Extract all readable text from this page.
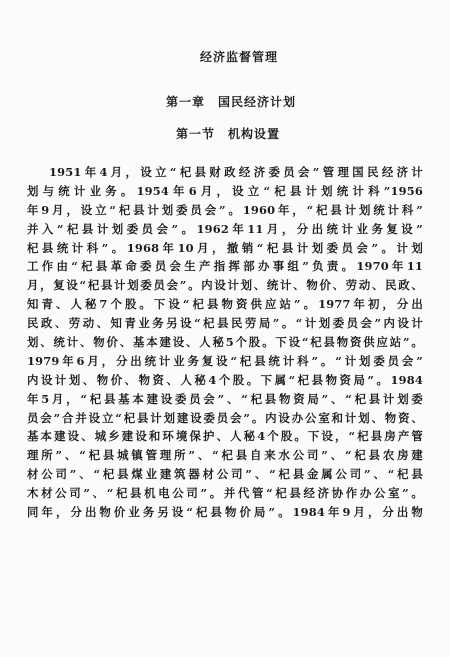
经济监督管理
第一章　国民经济计划
第一节　机构设置
1951年4月，设立“杞县财政经济委员会”管理国民经济计
划与统计业务。1954年6月，设立“杞县计划统计科”1956
年9月，设立“杞县计划委员会”。1960年，“杞县计划统计科”
并入“杞县计划委员会”。1962年11月，分出统计业务复设”
杞县统计科”。1968年10月，撤销“杞县计划委员会”。计划
工作由“杞县革命委员会生产指挥部办事组”负责。1970年11
月，复设“杞县计划委员会”。内设计划、统计、物价、劳动、民政、
知青、人秘7个股。下设“杞县物资供应站”。1977年初，分出
民政、劳动、知青业务另设“杞县民劳局”。“计划委员会”内设计
划、统计、物价、基本建设、人秘5个股。下设“杞县物资供应站”。
1979年6月，分出统计业务复设“杞县统计科”。“计划委员会”
内设计划、物价、物资、人秘4个股。下属“杞县物资局”。1984
年5月，“杞县基本建设委员会”、“杞县物资局”、“杞县计划委
员会”合并设立“杞县计划建设委员会”。内设办公室和计划、物资、
基本建设、城乡建设和环境保护、人秘4个股。下设，“杞县房产管
理所”、“杞县城镇管理所”、“杞县自来水公司”、“杞县农房建
材公司”、“杞县煤业建筑器材公司”、“杞县金属公司”、“杞县
木材公司”、“杞县机电公司”。并代管“杞县经济协作办公室”。
同年，分出物价业务另设“杞县物价局”。1984年9月，分出物
